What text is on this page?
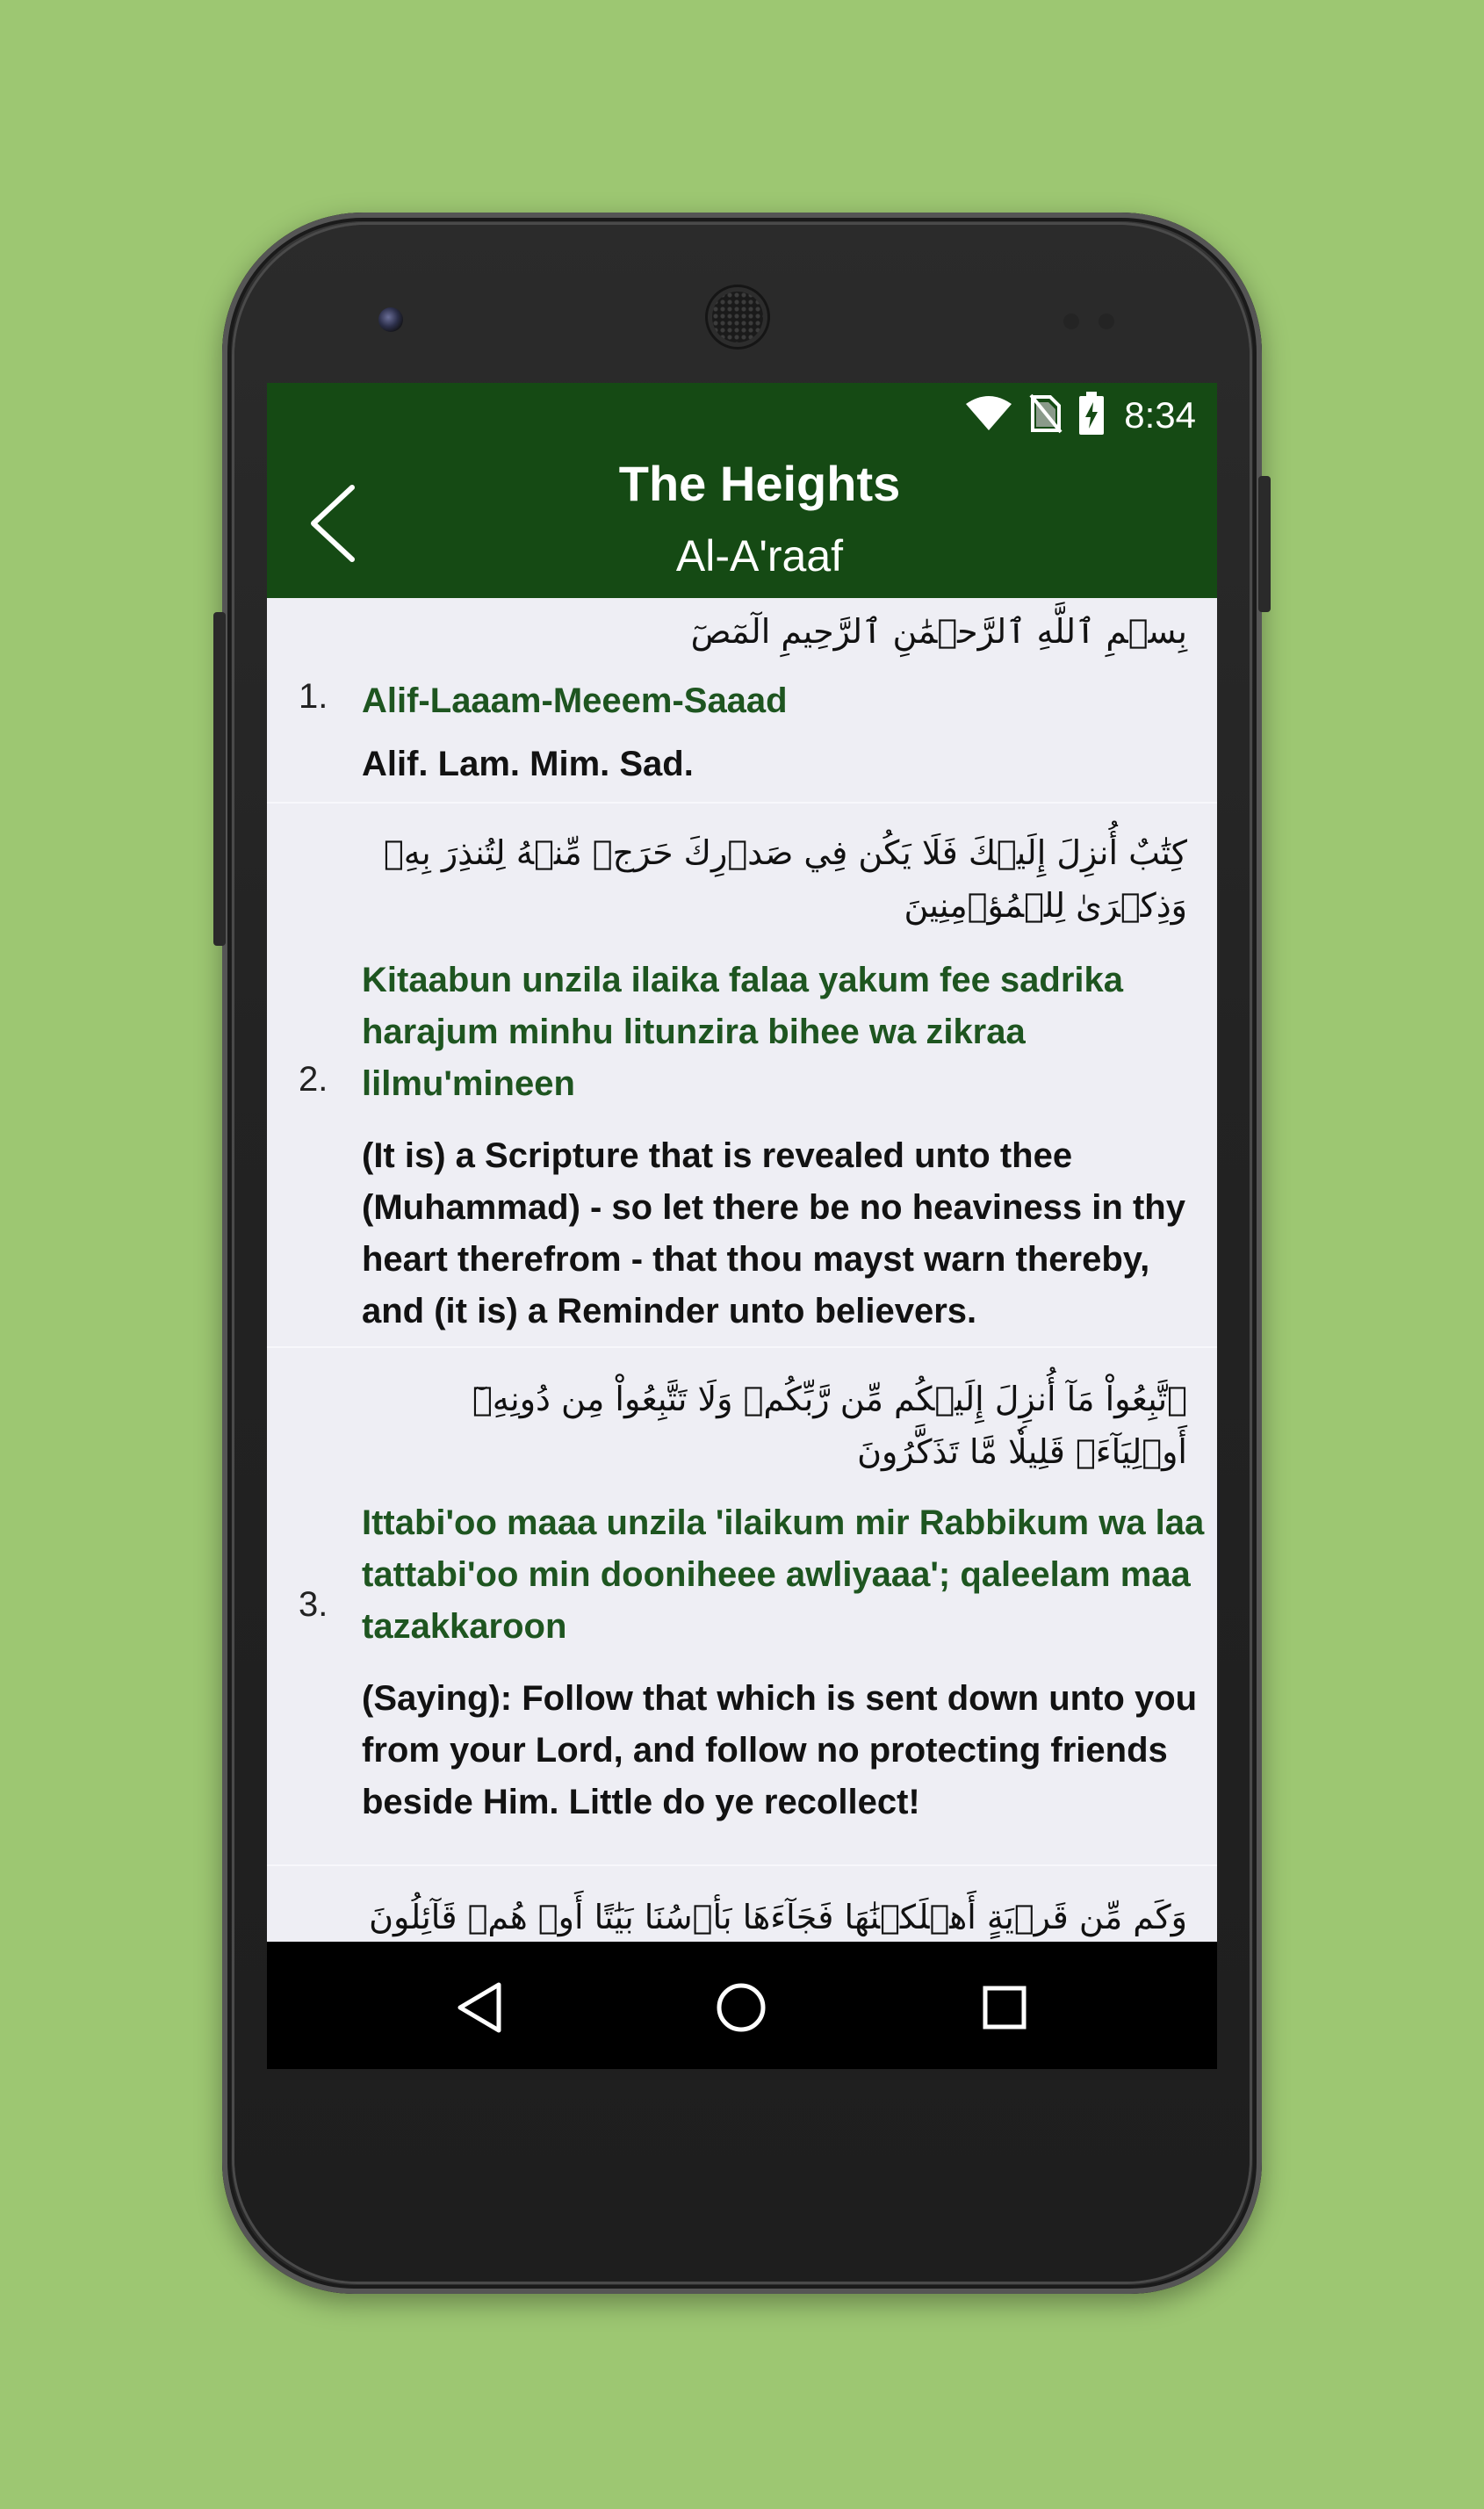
8:34
The Heights
Al-A'raaf
بِسۡمِ ٱللَّهِ ٱلرَّحۡمَٰنِ ٱلرَّحِيمِ الٓمٓصٓ
1. Alif-Laaam-Meeem-Saaad
Alif. Lam. Mim. Sad.
كِتَٰبٌ أُنزِلَ إِلَيۡكَ فَلَا يَكُن فِي صَدۡرِكَ حَرَجٞ مِّنۡهُ لِتُنذِرَ بِهِۦ وَذِكۡرَىٰ لِلۡمُؤۡمِنِينَ
2.
Kitaabun unzila ilaika falaa yakum fee sadrika harajum minhu litunzira bihee wa zikraa lilmu'mineen
(It is) a Scripture that is revealed unto thee (Muhammad) - so let there be no heaviness in thy heart therefrom - that thou mayst warn thereby, and (it is) a Reminder unto believers.
ٱتَّبِعُواْ مَآ أُنزِلَ إِلَيۡكُم مِّن رَّبِّكُمۡ وَلَا تَتَّبِعُواْ مِن دُونِهِۦٓ أَوۡلِيَآءَۗ قَلِيلٗا مَّا تَذَكَّرُونَ
3.
Ittabi'oo maaa unzila 'ilaikum mir Rabbikum wa laa tattabi'oo min dooniheee awliyaaa'; qaleelam maa tazakkaroon
(Saying): Follow that which is sent down unto you from your Lord, and follow no protecting friends beside Him. Little do ye recollect!
وَكَم مِّن قَرۡيَةٍ أَهۡلَكۡنَٰهَا فَجَآءَهَا بَأۡسُنَا بَيَٰتًا أَوۡ هُمۡ قَآئِلُونَ
